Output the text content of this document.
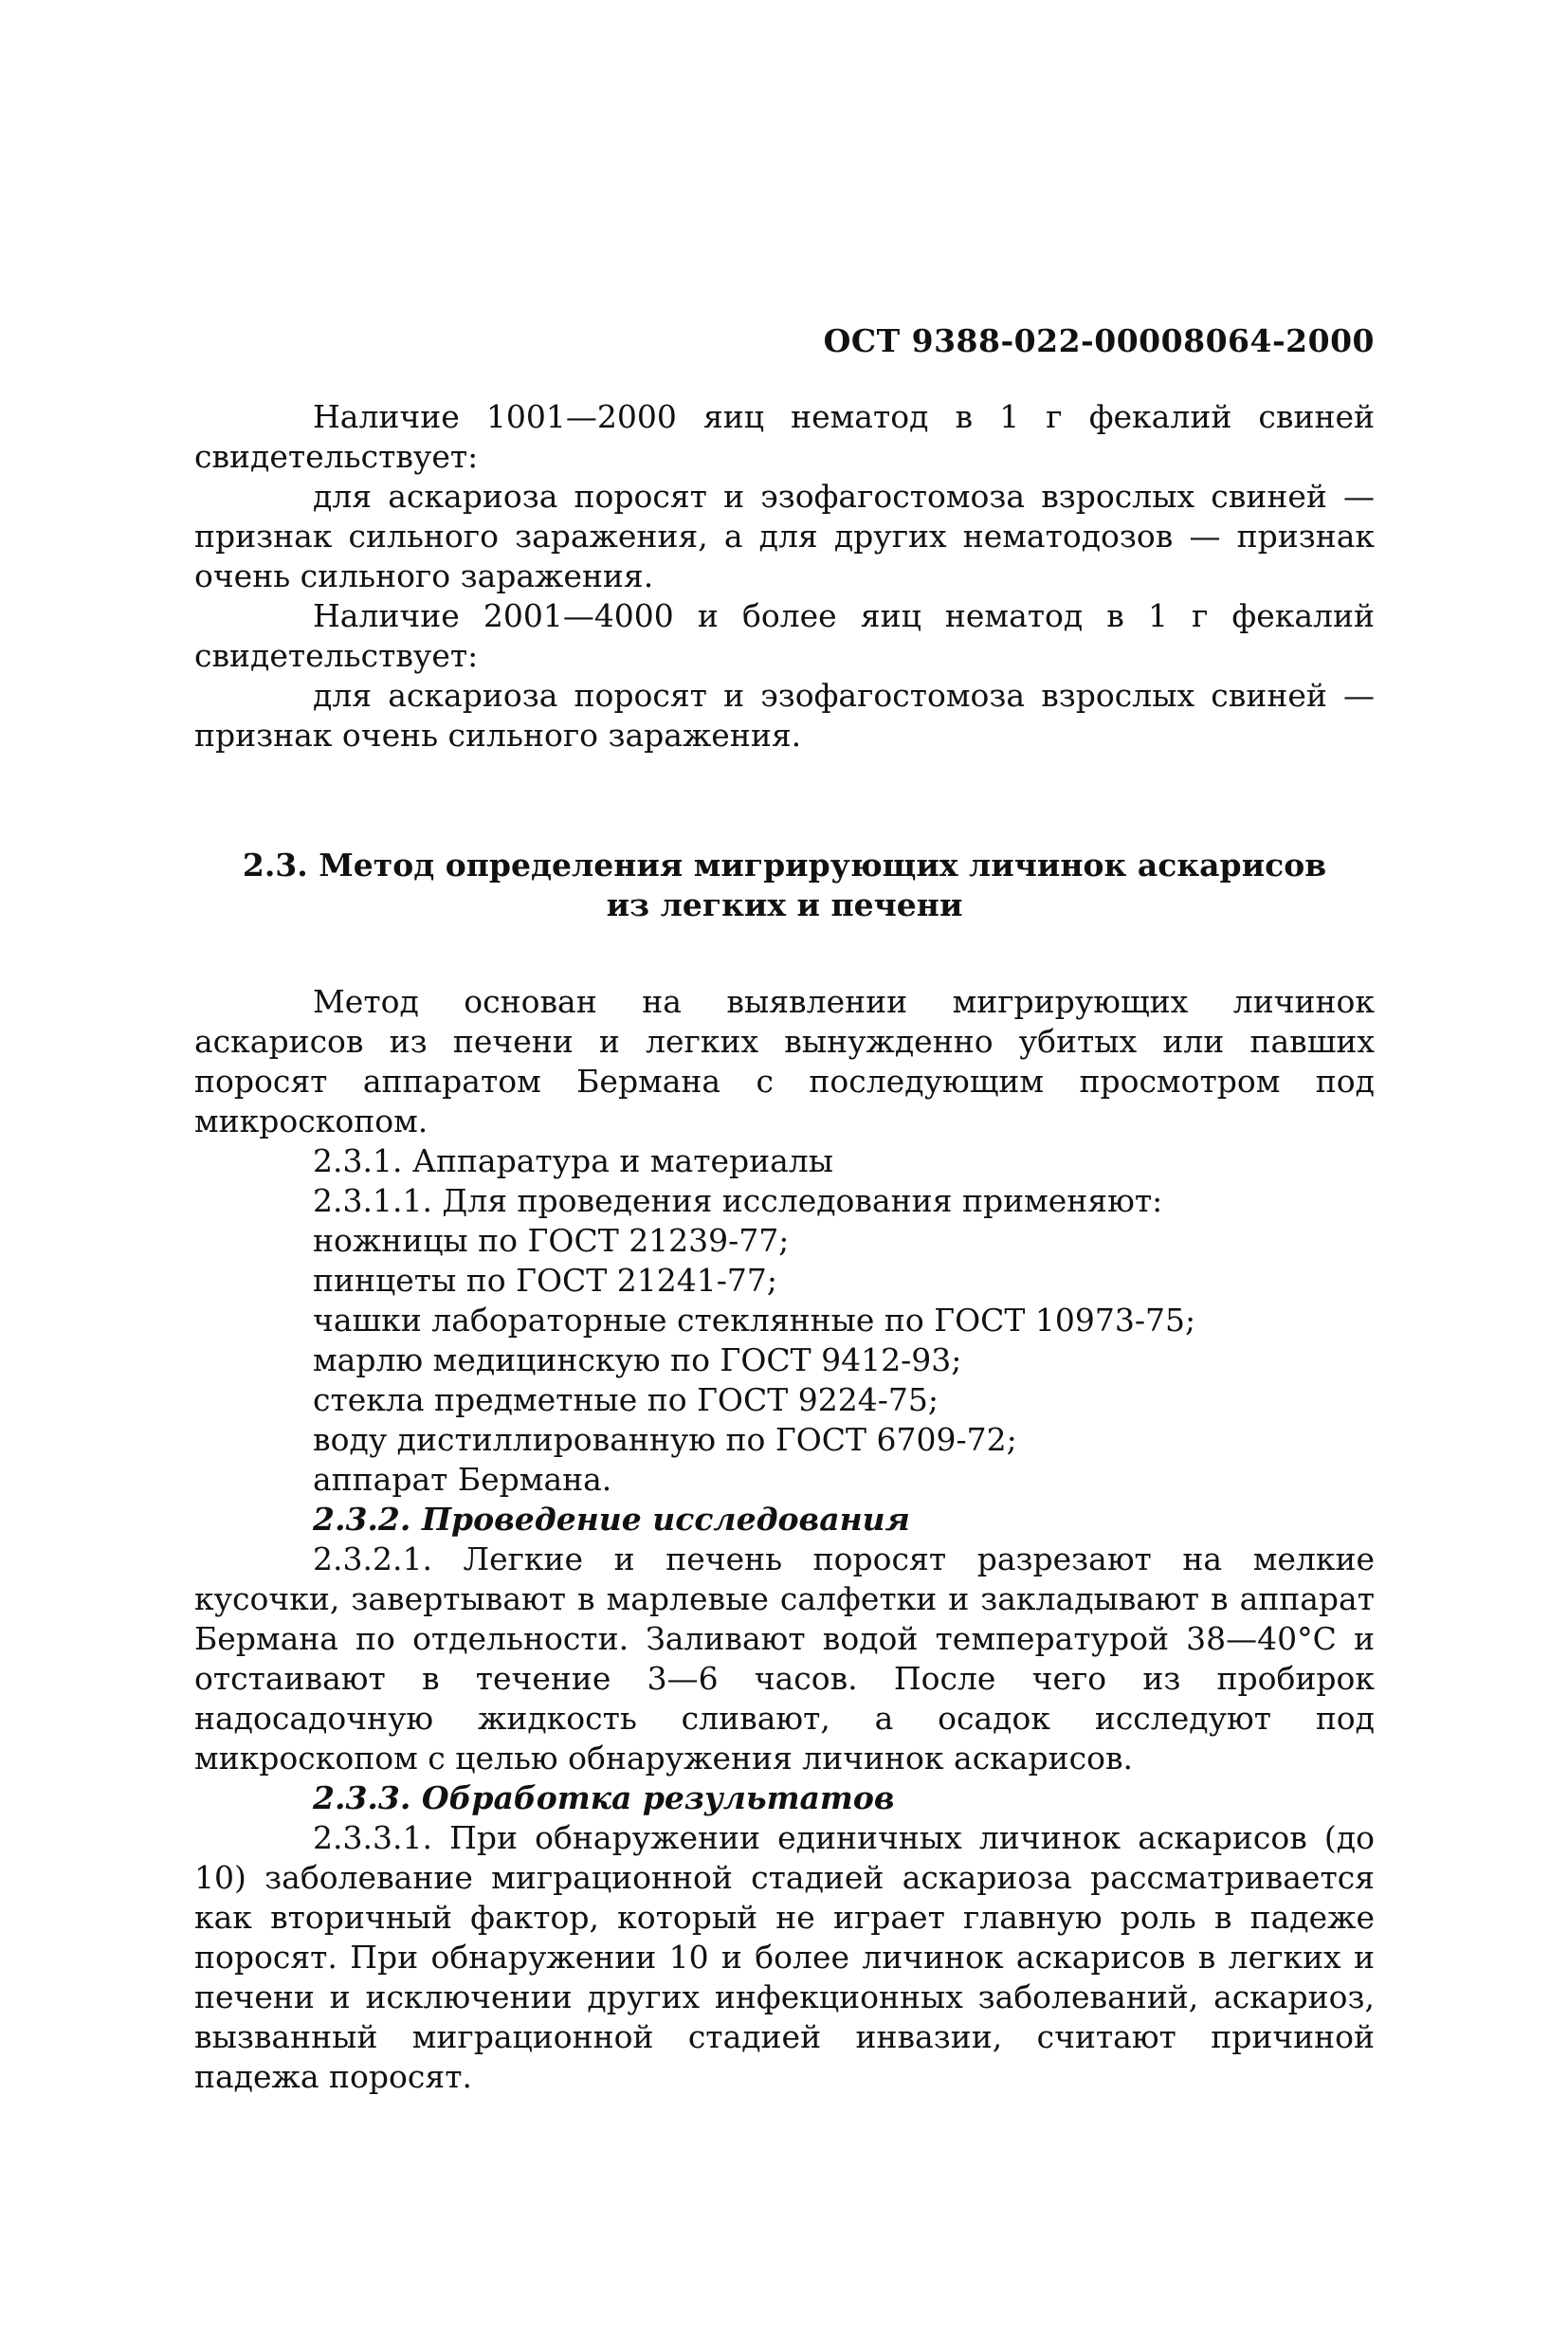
ОСТ 9388-022-00008064-2000

Наличие 1001—2000 яиц нематод в 1 г фекалий свиней свидетельствует:

для аскариоза поросят и эзофагостомоза взрослых свиней — признак сильного заражения, а для других нематодозов — признак очень сильного заражения.

Наличие 2001—4000 и более яиц нематод в 1 г фекалий свидетельствует:

для аскариоза поросят и эзофагостомоза взрослых свиней — признак очень сильного заражения.

2.3. Метод определения мигрирующих личинок аскарисов
из легких и печени

Метод основан на выявлении мигрирующих личинок аскарисов из печени и легких вынужденно убитых или павших поросят аппаратом Бермана с последующим просмотром под микроскопом.

2.3.1. Аппаратура и материалы

2.3.1.1. Для проведения исследования применяют:

ножницы по ГОСТ 21239-77;

пинцеты по ГОСТ 21241-77;

чашки лабораторные стеклянные по ГОСТ 10973-75;

марлю медицинскую по ГОСТ 9412-93;

стекла предметные по ГОСТ 9224-75;

воду дистиллированную по ГОСТ 6709-72;

аппарат Бермана.

2.3.2. Проведение исследования

2.3.2.1. Легкие и печень поросят разрезают на мелкие кусочки, завертывают в марлевые салфетки и закладывают в аппарат Бермана по отдельности. Заливают водой температурой 38—40°С и отстаивают в течение 3—6 часов. После чего из пробирок надосадочную жидкость сливают, а осадок исследуют под микроскопом с целью обнаружения личинок аскарисов.

2.3.3. Обработка результатов

2.3.3.1. При обнаружении единичных личинок аскарисов (до 10) заболевание миграционной стадией аскариоза рассматривается как вторичный фактор, который не играет главную роль в падеже поросят. При обнаружении 10 и более личинок аскарисов в легких и печени и исключении других инфекционных заболеваний, аскариоз, вызванный миграционной стадией инвазии, считают причиной падежа поросят.
